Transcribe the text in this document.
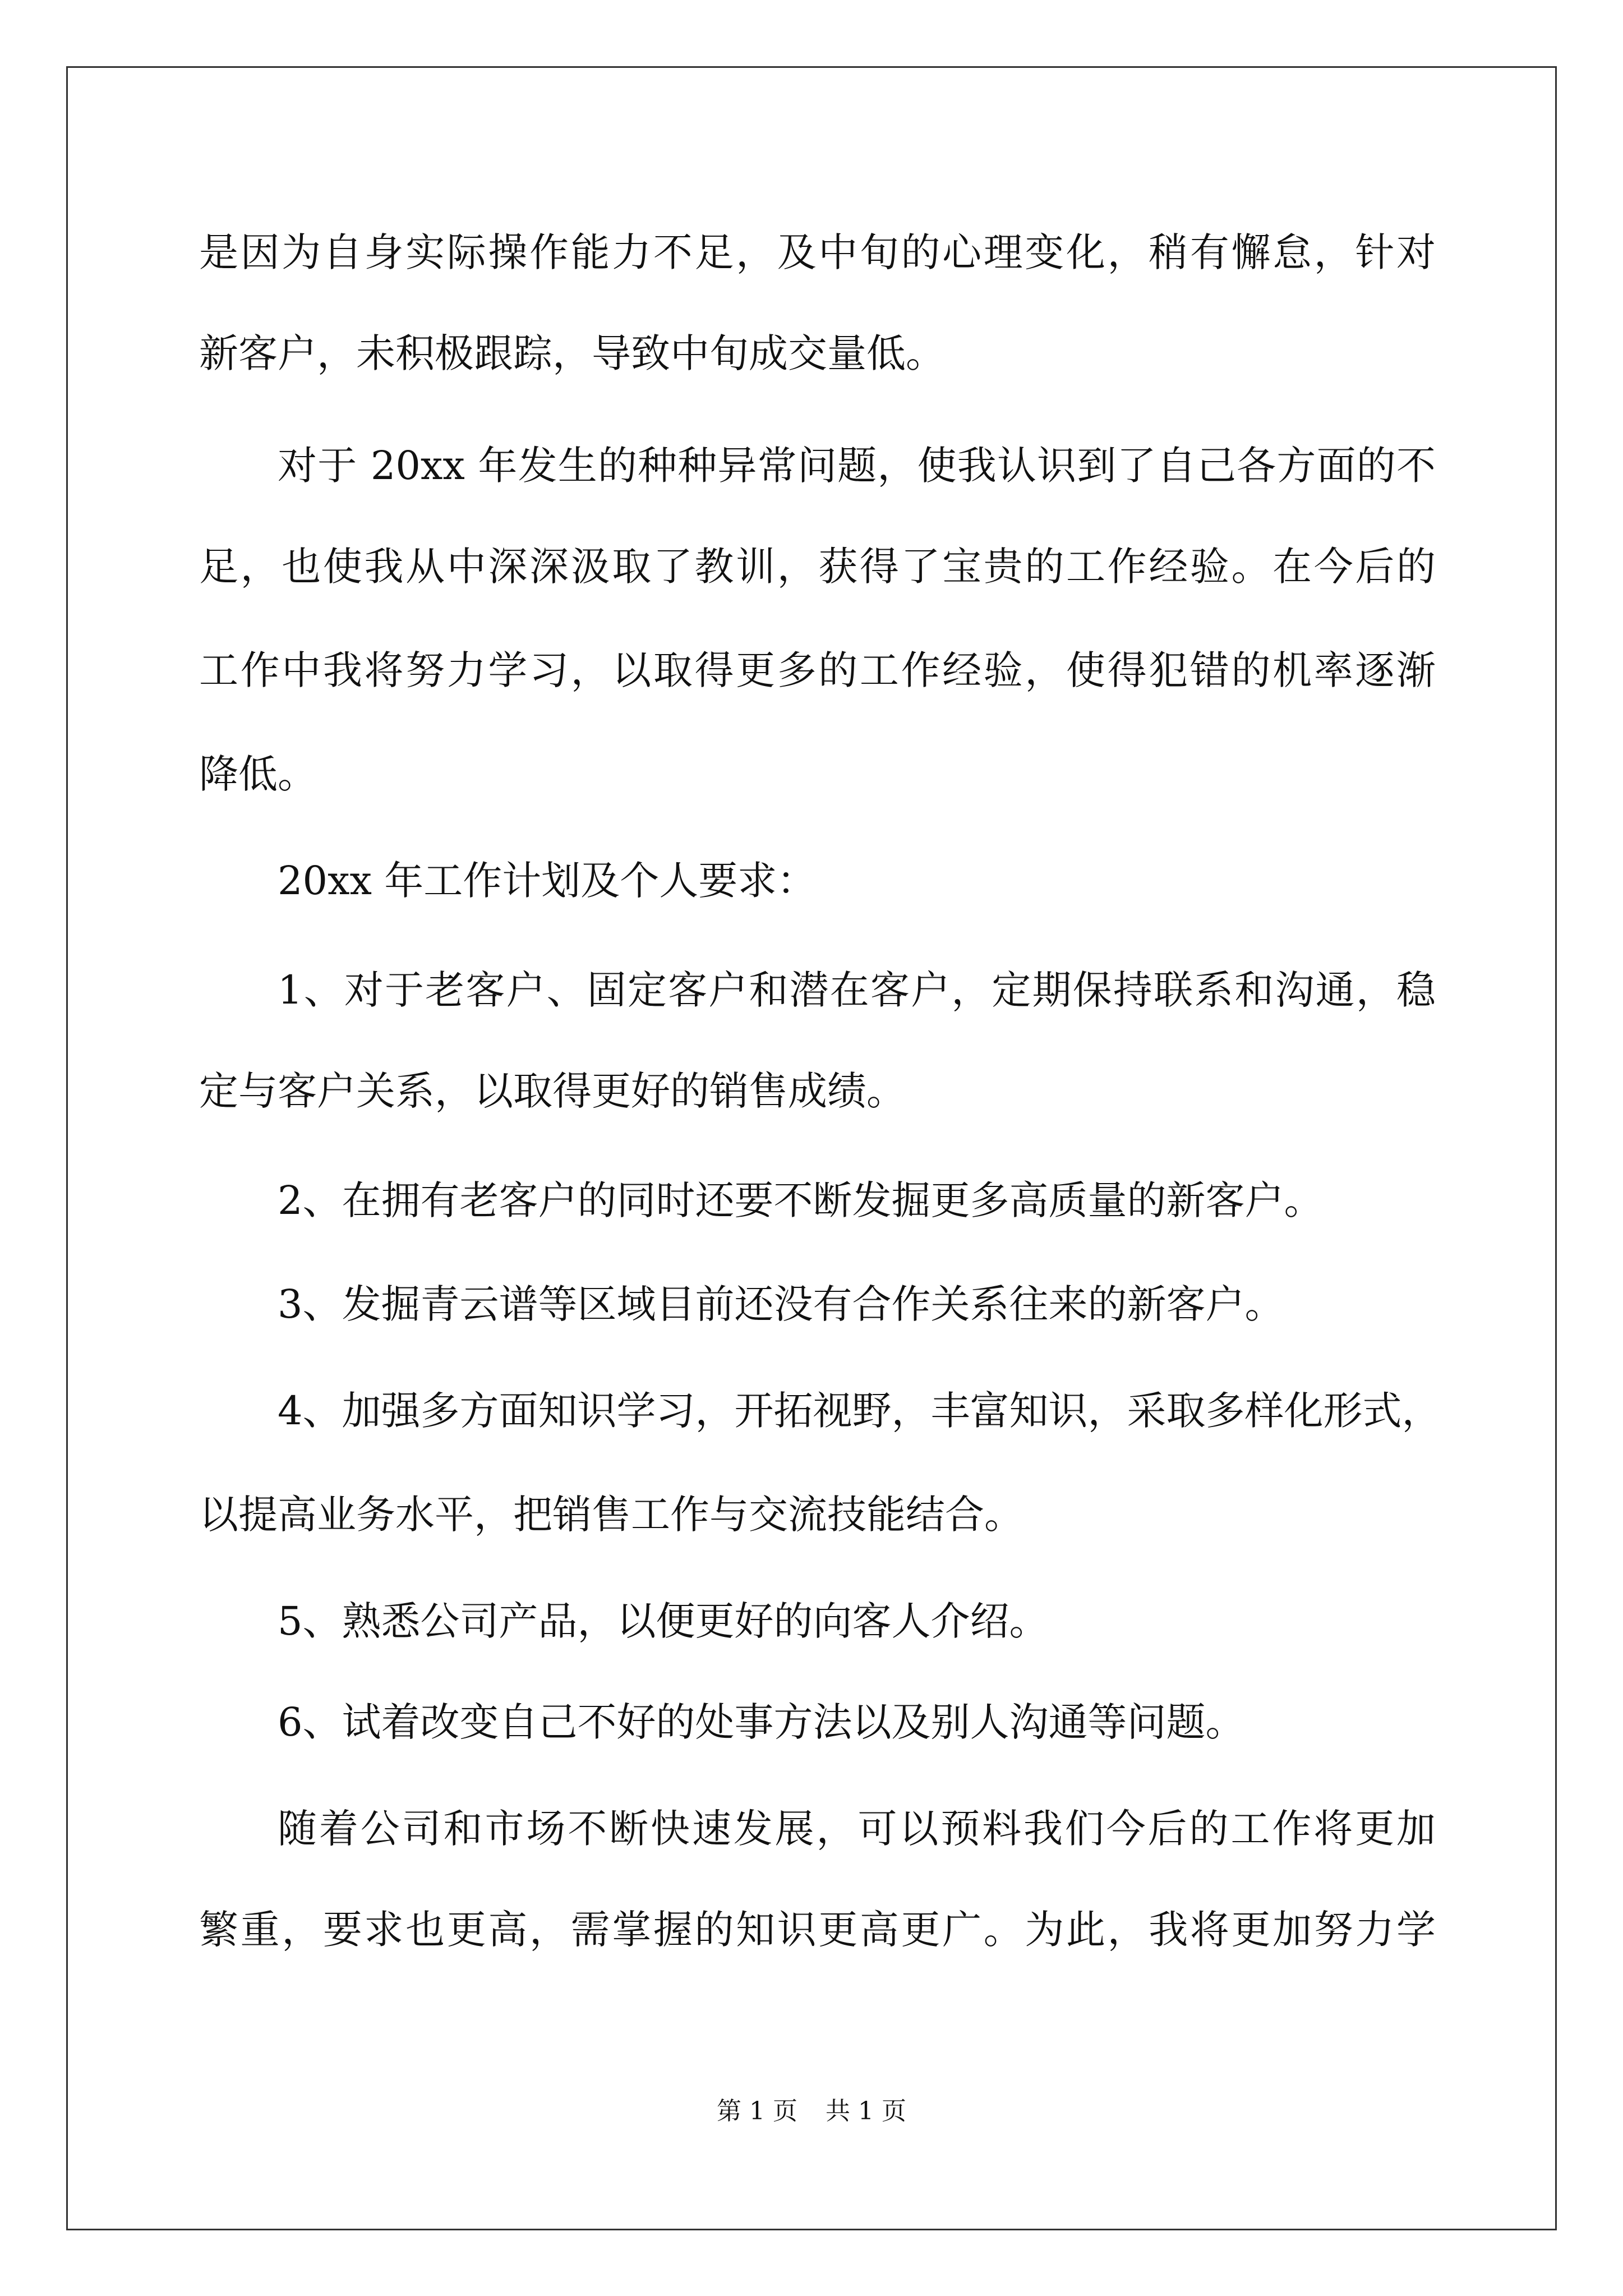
是因为自身实际操作能力不足，及中旬的心理变化，稍有懈怠，针对
新客户，未积极跟踪，导致中旬成交量低。
对于 20xx 年发生的种种异常问题，使我认识到了自己各方面的不
足，也使我从中深深汲取了教训，获得了宝贵的工作经验。在今后的
工作中我将努力学习，以取得更多的工作经验，使得犯错的机率逐渐
降低。
20xx 年工作计划及个人要求：
1、对于老客户、固定客户和潜在客户，定期保持联系和沟通，稳
定与客户关系，以取得更好的销售成绩。
2、在拥有老客户的同时还要不断发掘更多高质量的新客户。
3、发掘青云谱等区域目前还没有合作关系往来的新客户。
4、加强多方面知识学习，开拓视野，丰富知识，采取多样化形式，
以提高业务水平，把销售工作与交流技能结合。
5、熟悉公司产品，以便更好的向客人介绍。
6、试着改变自己不好的处事方法以及别人沟通等问题。
随着公司和市场不断快速发展，可以预料我们今后的工作将更加
繁重，要求也更高，需掌握的知识更高更广。为此，我将更加努力学
第 1 页 共 1 页
